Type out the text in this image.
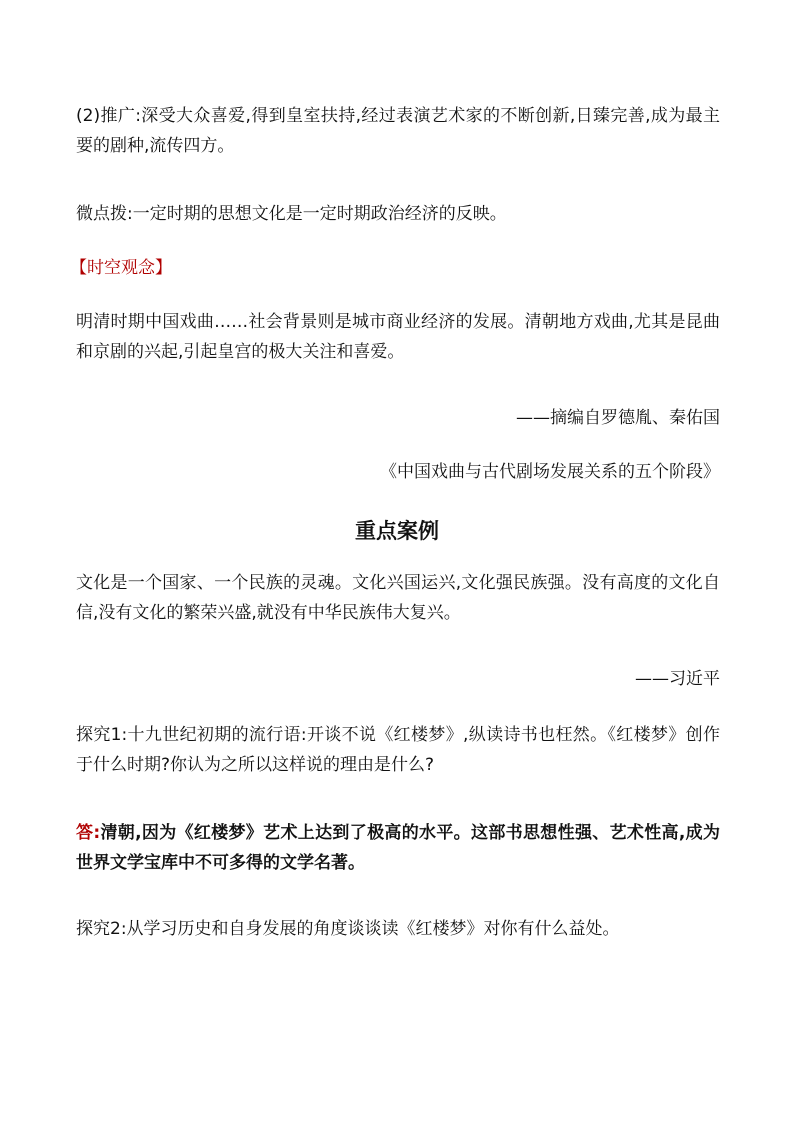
(2)推广:深受大众喜爱,得到皇室扶持,经过表演艺术家的不断创新,日臻完善,成为最主要的剧种,流传四方。
微点拨:一定时期的思想文化是一定时期政治经济的反映。
【时空观念】
明清时期中国戏曲……社会背景则是城市商业经济的发展。清朝地方戏曲,尤其是昆曲和京剧的兴起,引起皇宫的极大关注和喜爱。
——摘编自罗德胤、秦佑国
《中国戏曲与古代剧场发展关系的五个阶段》
重点案例
文化是一个国家、一个民族的灵魂。文化兴国运兴,文化强民族强。没有高度的文化自信,没有文化的繁荣兴盛,就没有中华民族伟大复兴。
——习近平
探究1:十九世纪初期的流行语:开谈不说《红楼梦》,纵读诗书也枉然。《红楼梦》创作于什么时期?你认为之所以这样说的理由是什么?
答:清朝,因为《红楼梦》艺术上达到了极高的水平。这部书思想性强、艺术性高,成为世界文学宝库中不可多得的文学名著。
探究2:从学习历史和自身发展的角度谈谈读《红楼梦》对你有什么益处。
